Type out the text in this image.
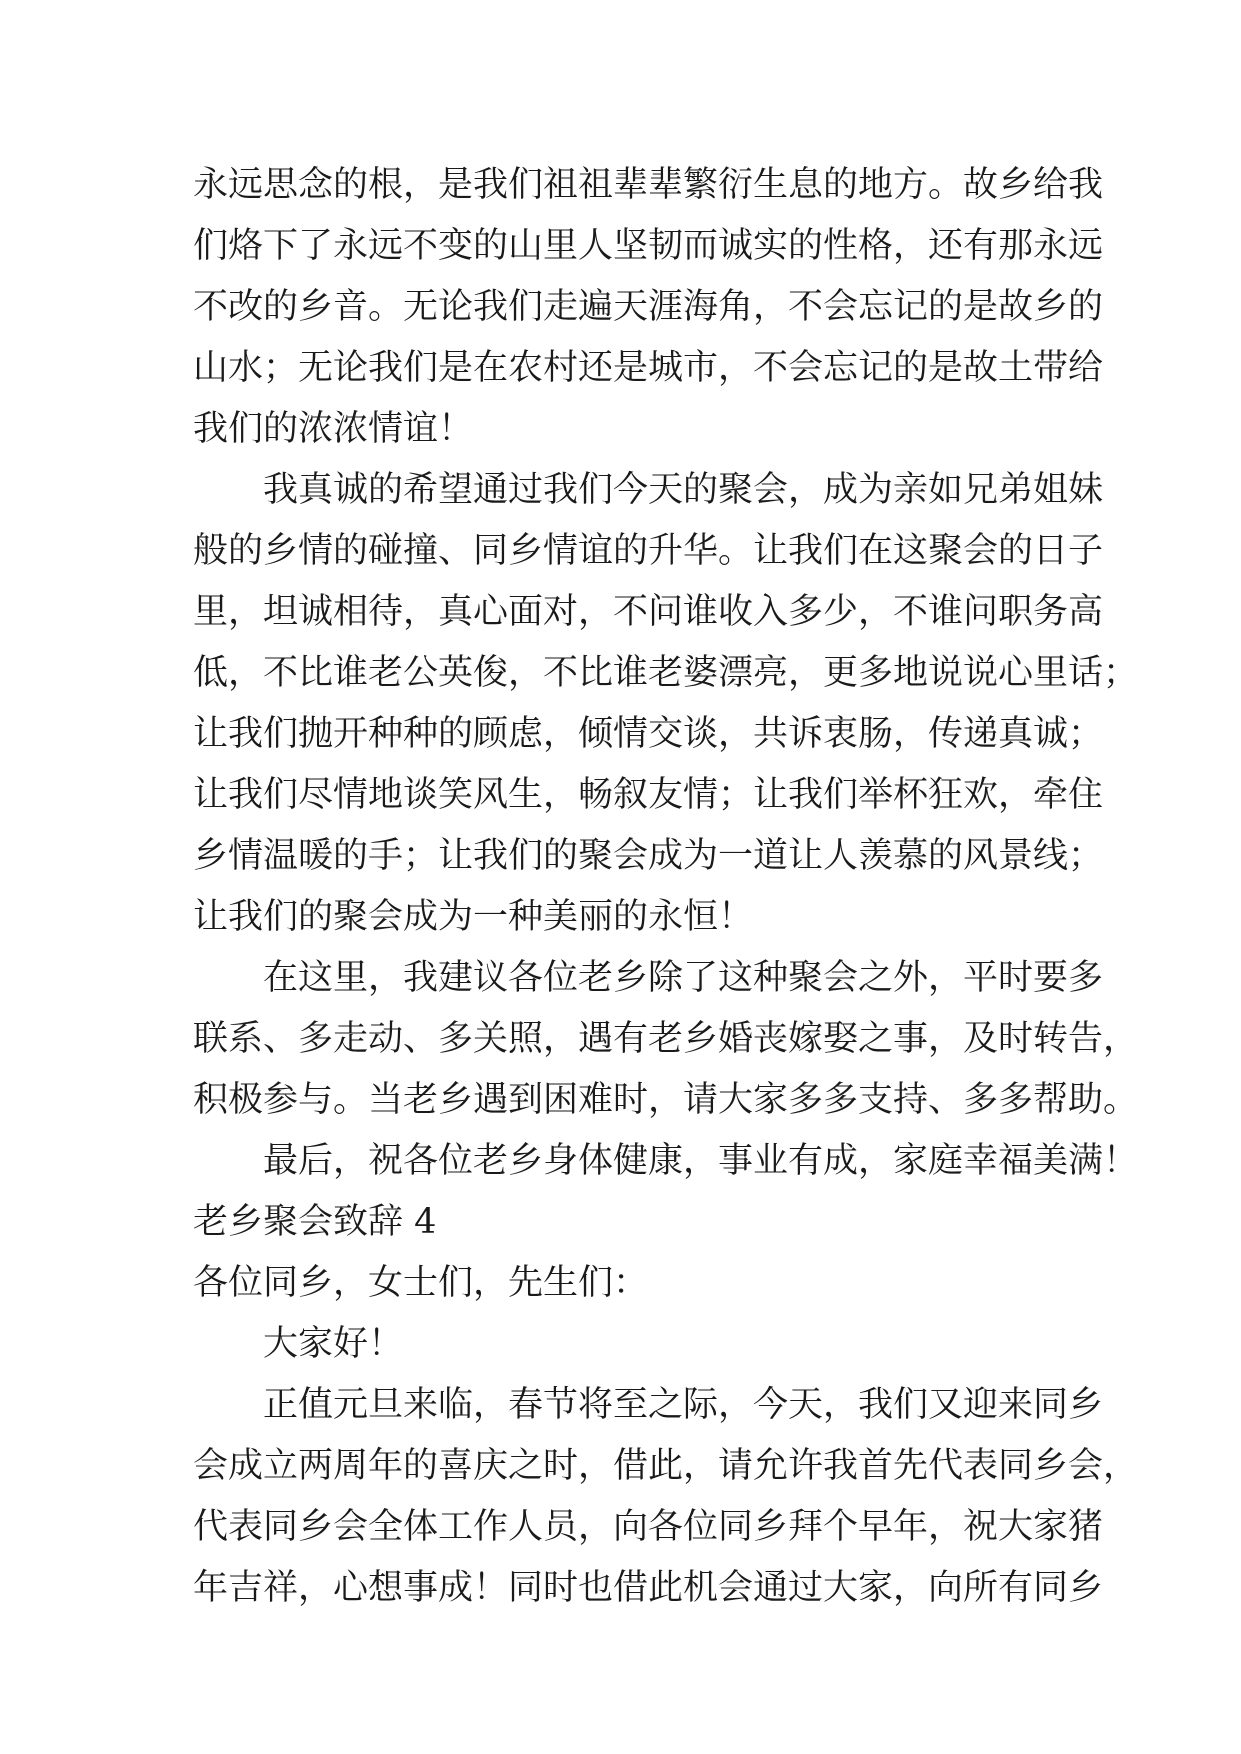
永远思念的根，是我们祖祖辈辈繁衍生息的地方。故乡给我
们烙下了永远不变的山里人坚韧而诚实的性格，还有那永远
不改的乡音。无论我们走遍天涯海角，不会忘记的是故乡的
山水；无论我们是在农村还是城市，不会忘记的是故土带给
我们的浓浓情谊！
我真诚的希望通过我们今天的聚会，成为亲如兄弟姐妹
般的乡情的碰撞、同乡情谊的升华。让我们在这聚会的日子
里，坦诚相待，真心面对，不问谁收入多少，不谁问职务高
低，不比谁老公英俊，不比谁老婆漂亮，更多地说说心里话；
让我们抛开种种的顾虑，倾情交谈，共诉衷肠，传递真诚；
让我们尽情地谈笑风生，畅叙友情；让我们举杯狂欢，牵住
乡情温暖的手；让我们的聚会成为一道让人羡慕的风景线；
让我们的聚会成为一种美丽的永恒！
在这里，我建议各位老乡除了这种聚会之外，平时要多
联系、多走动、多关照，遇有老乡婚丧嫁娶之事，及时转告，
积极参与。当老乡遇到困难时，请大家多多支持、多多帮助。
最后，祝各位老乡身体健康，事业有成，家庭幸福美满！
老乡聚会致辞 4
各位同乡，女士们，先生们：
大家好！
正值元旦来临，春节将至之际，今天，我们又迎来同乡
会成立两周年的喜庆之时，借此，请允许我首先代表同乡会，
代表同乡会全体工作人员，向各位同乡拜个早年，祝大家猪
年吉祥，心想事成！同时也借此机会通过大家，向所有同乡
